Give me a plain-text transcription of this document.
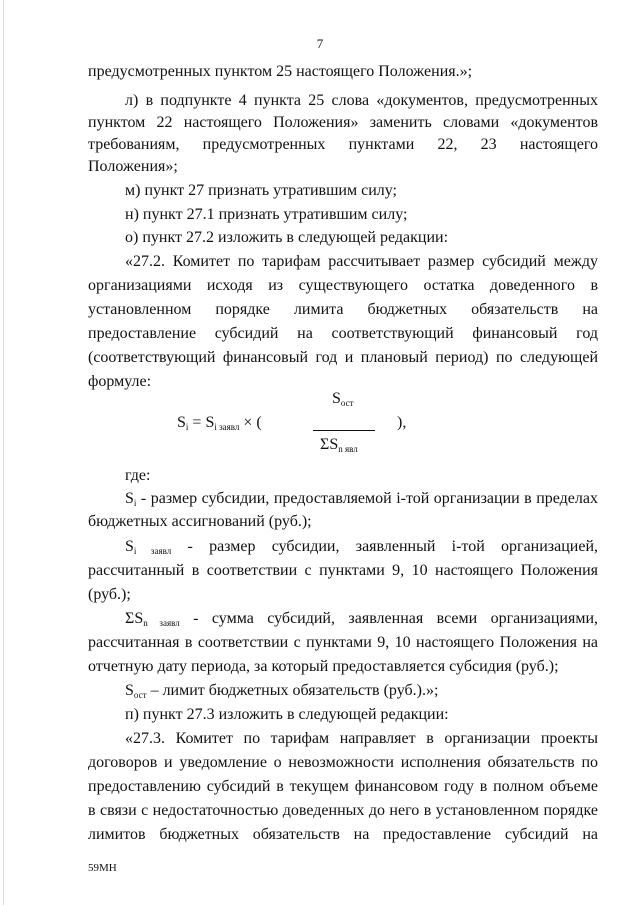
7
предусмотренных пунктом 25 настоящего Положения.»;
л) в подпункте 4 пункта 25 слова «документов, предусмотренных
пунктом 22 настоящего Положения» заменить словами «документов
требованиям, предусмотренных пунктами 22, 23 настоящего
Положения»;
м) пункт 27 признать утратившим силу;
н) пункт 27.1 признать утратившим силу;
о) пункт 27.2 изложить в следующей редакции:
«27.2. Комитет по тарифам рассчитывает размер субсидий между
организациями исходя из существующего остатка доведенного в
установленном порядке лимита бюджетных обязательств на
предоставление субсидий на соответствующий финансовый год
(соответствующий финансовый год и плановый период) по следующей
формуле:
$S_i = S_{i заявл}$ × (
$S_{ост}$
$\Sigma S_{n явл}$
),
где:
$S_i$ - размер субсидии, предоставляемой i-той организации в пределах
бюджетных ассигнований (руб.);
$S_{i заявл}$ - размер субсидии, заявленный i-той организацией,
рассчитанный в соответствии с пунктами 9, 10 настоящего Положения
(руб.);
$\Sigma S_{n заявл}$ - сумма субсидий, заявленная всеми организациями,
рассчитанная в соответствии с пунктами 9, 10 настоящего Положения на
отчетную дату периода, за который предоставляется субсидия (руб.);
$S_{ост}$ – лимит бюджетных обязательств (руб.).»;
п) пункт 27.3 изложить в следующей редакции:
«27.3. Комитет по тарифам направляет в организации проекты
договоров и уведомление о невозможности исполнения обязательств по
предоставлению субсидий в текущем финансовом году в полном объеме
в связи с недостаточностью доведенных до него в установленном порядке
лимитов бюджетных обязательств на предоставление субсидий на
59МН
